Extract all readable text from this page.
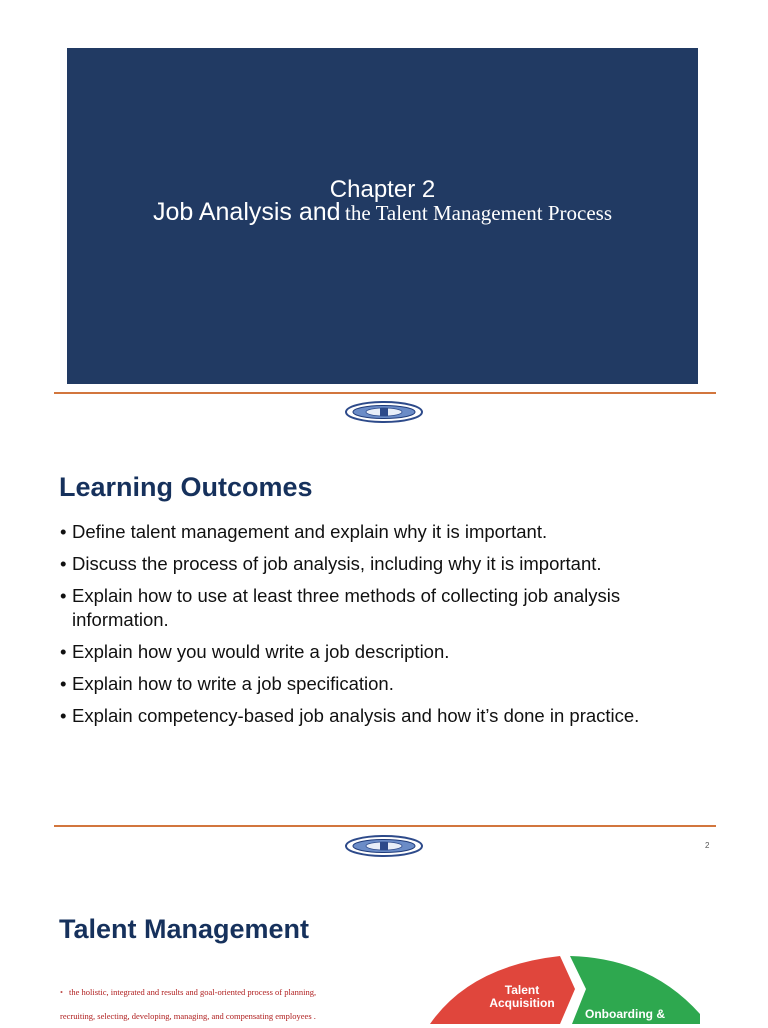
Chapter 2
Job Analysis and the Talent Management Process
Learning Outcomes
• Define talent management and explain why it is important.
• Discuss the process of job analysis, including why it is important.
• Explain how to use at least three methods of collecting job analysis information.
• Explain how you would write a job description.
• Explain how to write a job specification.
• Explain competency-based job analysis and how it’s done in practice.
2
Talent Management
• the holistic, integrated and results and goal-oriented process of planning,
recruiting, selecting, developing, managing, and compensating employees .
Talent
Acquisition
Onboarding &
